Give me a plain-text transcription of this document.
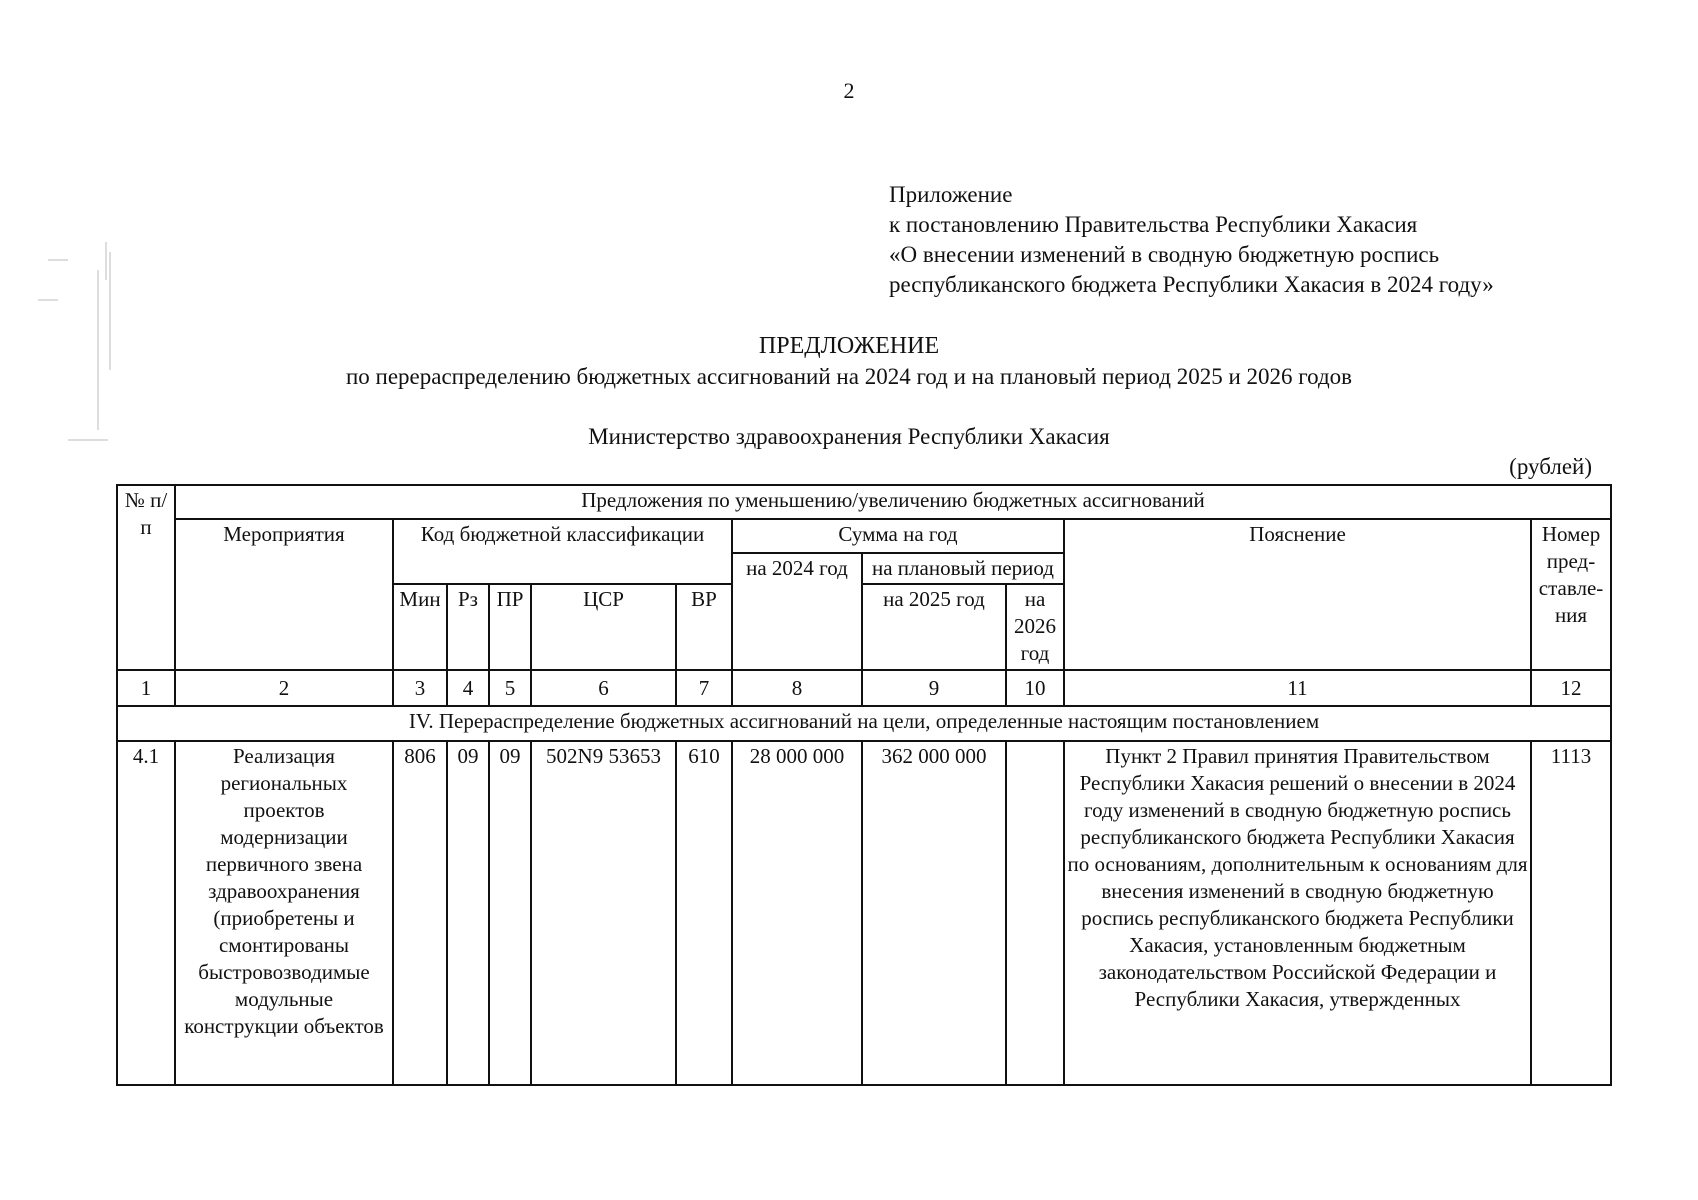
2
Приложение
к постановлению Правительства Республики Хакасия
«О внесении изменений в сводную бюджетную роспись
республиканского бюджета Республики Хакасия в 2024 году»
ПРЕДЛОЖЕНИЕ
по перераспределению бюджетных ассигнований на 2024 год и на плановый период 2025 и 2026 годов
Министерство здравоохранения Республики Хакасия
(рублей)
№ п/п	Предложения по уменьшению/увеличению бюджетных ассигнований										
	Мероприятия	Код бюджетной классификации					Сумма на год			Пояснение	Номер пред-ставле-ния
							на 2024 год	на плановый период			
		Мин	Рз	ПР	ЦСР	ВР		на 2025 год	на 2026 год		
1	2	3	4	5	6	7	8	9	10	11	12
IV. Перераспределение бюджетных ассигнований на цели, определенные настоящим постановлением											
4.1	Реализация региональных проектов модернизации первичного звена здравоохранения (приобретены и смонтированы быстровозводимые модульные конструкции объектов	806	09	09	502N9 53653	610	28 000 000	362 000 000		Пункт 2 Правил принятия Правительством Республики Хакасия решений о внесении в 2024 году изменений в сводную бюджетную роспись республиканского бюджета Республики Хакасия по основаниям, дополнительным к основаниям для внесения изменений в сводную бюджетную роспись республиканского бюджета Республики Хакасия, установленным бюджетным законодательством Российской Федерации и Республики Хакасия, утвержденных	1113
